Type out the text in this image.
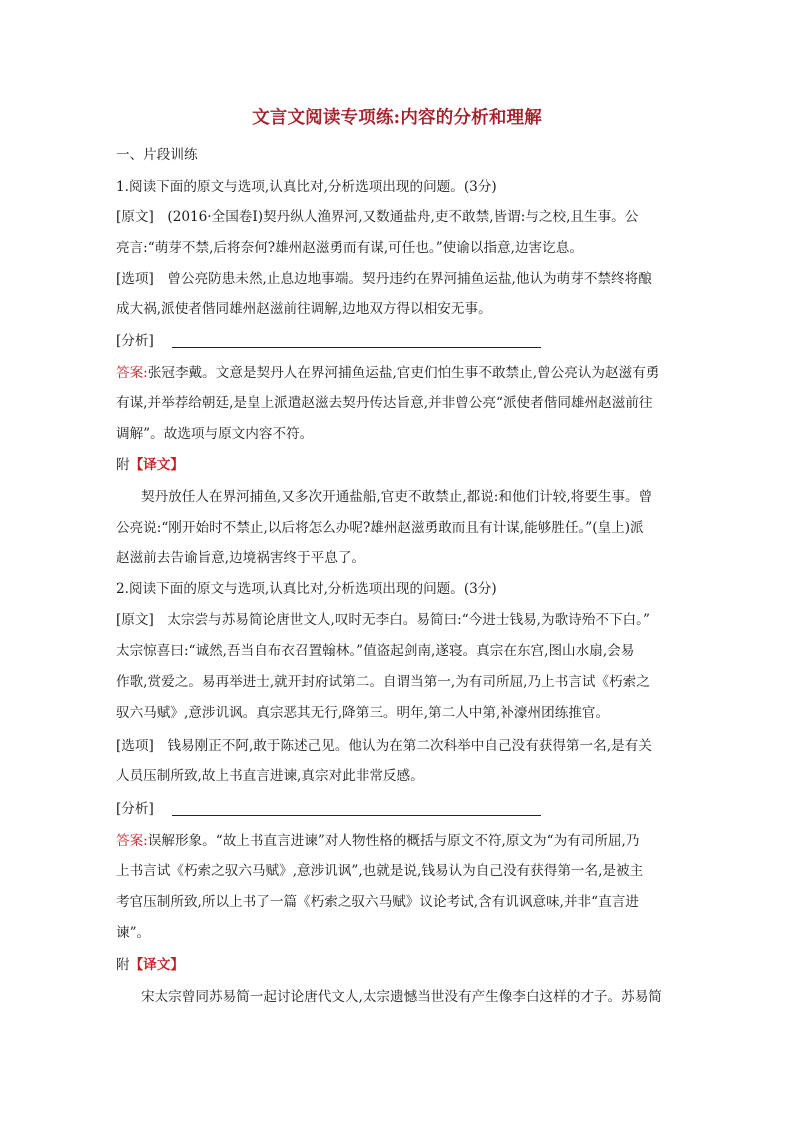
文言文阅读专项练:内容的分析和理解
一、片段训练
1.阅读下面的原文与选项,认真比对,分析选项出现的问题。(3分)
[原文]　(2016·全国卷Ⅰ)契丹纵人渔界河,又数通盐舟,吏不敢禁,皆谓:与之校,且生事。公
亮言:“萌芽不禁,后将奈何?雄州赵滋勇而有谋,可任也。”使谕以指意,边害讫息。
[选项]　曾公亮防患未然,止息边地事端。契丹违约在界河捕鱼运盐,他认为萌芽不禁终将酿
成大祸,派使者偕同雄州赵滋前往调解,边地双方得以相安无事。
[分析]
答案:张冠李戴。文意是契丹人在界河捕鱼运盐,官吏们怕生事不敢禁止,曾公亮认为赵滋有勇
有谋,并举荐给朝廷,是皇上派遣赵滋去契丹传达旨意,并非曾公亮“派使者偕同雄州赵滋前往
调解”。故选项与原文内容不符。
附【译文】
契丹放任人在界河捕鱼,又多次开通盐船,官吏不敢禁止,都说:和他们计较,将要生事。曾
公亮说:“刚开始时不禁止,以后将怎么办呢?雄州赵滋勇敢而且有计谋,能够胜任。”(皇上)派
赵滋前去告谕旨意,边境祸害终于平息了。
2.阅读下面的原文与选项,认真比对,分析选项出现的问题。(3分)
[原文]　太宗尝与苏易简论唐世文人,叹时无李白。易简曰:“今进士钱易,为歌诗殆不下白。”
太宗惊喜曰:“诚然,吾当自布衣召置翰林。”值盗起剑南,遂寝。真宗在东宫,图山水扇,会易
作歌,赏爱之。易再举进士,就开封府试第二。自谓当第一,为有司所屈,乃上书言试《朽索之
驭六马赋》,意涉讥讽。真宗恶其无行,降第三。明年,第二人中第,补濠州团练推官。
[选项]　钱易刚正不阿,敢于陈述己见。他认为在第二次科举中自己没有获得第一名,是有关
人员压制所致,故上书直言进谏,真宗对此非常反感。
[分析]
答案:误解形象。“故上书直言进谏”对人物性格的概括与原文不符,原文为“为有司所屈,乃
上书言试《朽索之驭六马赋》,意涉讥讽”,也就是说,钱易认为自己没有获得第一名,是被主
考官压制所致,所以上书了一篇《朽索之驭六马赋》议论考试,含有讥讽意味,并非“直言进
谏”。
附【译文】
宋太宗曾同苏易简一起讨论唐代文人,太宗遗憾当世没有产生像李白这样的才子。苏易简
